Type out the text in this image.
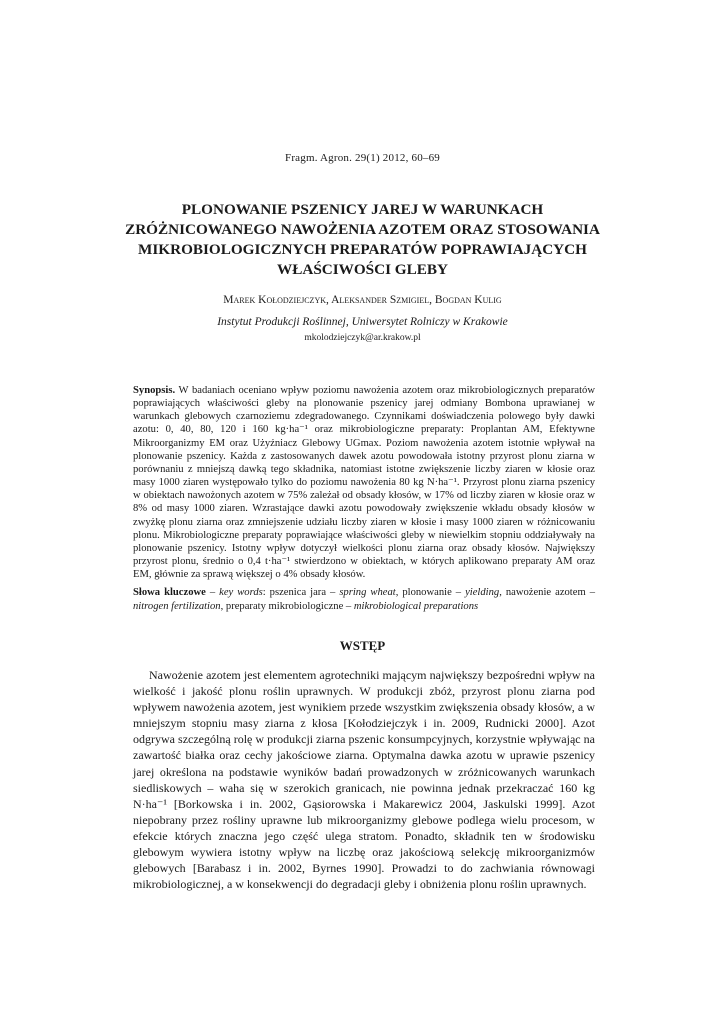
Fragm. Agron. 29(1) 2012, 60–69
PLONOWANIE PSZENICY JAREJ W WARUNKACH
ZRÓŻNICOWANEGO NAWOŻENIA AZOTEM ORAZ STOSOWANIA
MIKROBIOLOGICZNYCH PREPARATÓW POPRAWIAJĄCYCH
WŁAŚCIWOŚCI GLEBY
Marek Kołodziejczyk, Aleksander Szmigiel, Bogdan Kulig
Instytut Produkcji Roślinnej, Uniwersytet Rolniczy w Krakowie
mkolodziejczyk@ar.krakow.pl

Synopsis. W badaniach oceniano wpływ poziomu nawożenia azotem oraz mikrobiologicznych preparatów poprawiających właściwości gleby na plonowanie pszenicy jarej odmiany Bombona uprawianej w warunkach glebowych czarnoziemu zdegradowanego. Czynnikami doświadczenia polowego były dawki azotu: 0, 40, 80, 120 i 160 kg·ha⁻¹ oraz mikrobiologiczne preparaty: Proplantan AM, Efektywne Mikroorganizmy EM oraz Użyźniacz Glebowy UGmax. Poziom nawożenia azotem istotnie wpływał na plonowanie pszenicy. Każda z zastosowanych dawek azotu powodowała istotny przyrost plonu ziarna w porównaniu z mniejszą dawką tego składnika, natomiast istotne zwiększenie liczby ziaren w kłosie oraz masy 1000 ziaren występowało tylko do poziomu nawożenia 80 kg N·ha⁻¹. Przyrost plonu ziarna pszenicy w obiektach nawożonych azotem w 75% zależał od obsady kłosów, w 17% od liczby ziaren w kłosie oraz w 8% od masy 1000 ziaren. Wzrastające dawki azotu powodowały zwiększenie wkładu obsady kłosów w zwyżkę plonu ziarna oraz zmniejszenie udziału liczby ziaren w kłosie i masy 1000 ziaren w różnicowaniu plonu. Mikrobiologiczne preparaty poprawiające właściwości gleby w niewielkim stopniu oddziaływały na plonowanie pszenicy. Istotny wpływ dotyczył wielkości plonu ziarna oraz obsady kłosów. Największy przyrost plonu, średnio o 0,4 t·ha⁻¹ stwierdzono w obiektach, w których aplikowano preparaty AM oraz EM, głównie za sprawą większej o 4% obsady kłosów.

Słowa kluczowe – key words: pszenica jara – spring wheat, plonowanie – yielding, nawożenie azotem – nitrogen fertilization, preparaty mikrobiologiczne – mikrobiological preparations

WSTĘP

Nawożenie azotem jest elementem agrotechniki mającym największy bezpośredni wpływ na wielkość i jakość plonu roślin uprawnych. W produkcji zbóż, przyrost plonu ziarna pod wpływem nawożenia azotem, jest wynikiem przede wszystkim zwiększenia obsady kłosów, a w mniejszym stopniu masy ziarna z kłosa [Kołodziejczyk i in. 2009, Rudnicki 2000]. Azot odgrywa szczególną rolę w produkcji ziarna pszenic konsumpcyjnych, korzystnie wpływając na zawartość białka oraz cechy jakościowe ziarna. Optymalna dawka azotu w uprawie pszenicy jarej określona na podstawie wyników badań prowadzonych w zróżnicowanych warunkach siedliskowych – waha się w szerokich granicach, nie powinna jednak przekraczać 160 kg N·ha⁻¹ [Borkowska i in. 2002, Gąsiorowska i Makarewicz 2004, Jaskulski 1999]. Azot niepobrany przez rośliny uprawne lub mikroorganizmy glebowe podlega wielu procesom, w efekcie których znaczna jego część ulega stratom. Ponadto, składnik ten w środowisku glebowym wywiera istotny wpływ na liczbę oraz jakościową selekcję mikroorganizmów glebowych [Barabasz i in. 2002, Byrnes 1990]. Prowadzi to do zachwiania równowagi mikrobiologicznej, a w konsekwencji do degradacji gleby i obniżenia plonu roślin uprawnych.
